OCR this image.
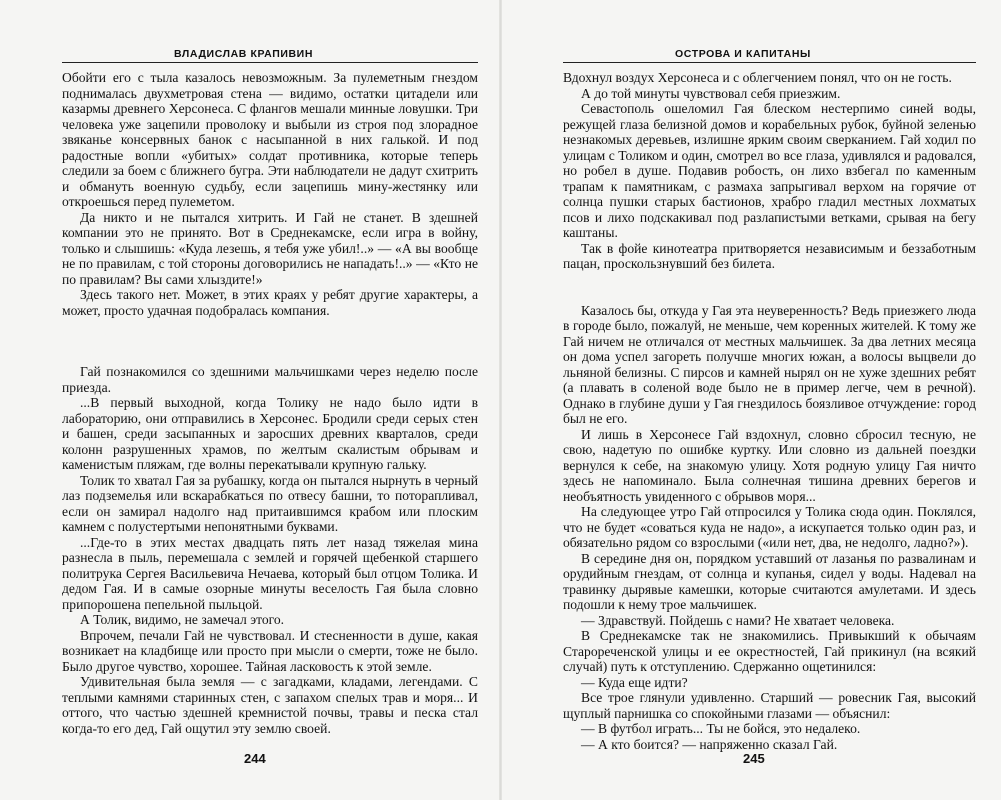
ВЛАДИСЛАВ КРАПИВИН

Обойти его с тыла казалось невозможным. За пулеметным гнездом поднималась двухметровая стена — видимо, остатки цитадели или казармы древнего Херсонеса. С флангов мешали минные ловушки. Три человека уже зацепили проволоку и выбыли из строя под злорадное звяканье консервных банок с насыпанной в них галькой. И под радостные вопли «убитых» солдат противника, которые теперь следили за боем с ближнего бугра. Эти наблюдатели не дадут схитрить и обмануть военную судьбу, если зацепишь мину-жестянку или откроешься перед пулеметом.

Да никто и не пытался хитрить. И Гай не станет. В здешней компании это не принято. Вот в Среднекамске, если игра в войну, только и слышишь: «Куда лезешь, я тебя уже убил!..» — «А вы вообще не по правилам, с той стороны договорились не нападать!..» — «Кто не по правилам? Вы сами хлыздите!»

Здесь такого нет. Может, в этих краях у ребят другие характеры, а может, просто удачная подобралась компания.

Гай познакомился со здешними мальчишками через неделю после приезда.

...В первый выходной, когда Толику не надо было идти в лабораторию, они отправились в Херсонес. Бродили среди серых стен и башен, среди засыпанных и заросших древних кварталов, среди колонн разрушенных храмов, по желтым скалистым обрывам и каменистым пляжам, где волны перекатывали крупную гальку.

Толик то хватал Гая за рубашку, когда он пытался нырнуть в черный лаз подземелья или вскарабкаться по отвесу башни, то поторапливал, если он замирал надолго над притаившимся крабом или плоским камнем с полустертыми непонятными буквами.

...Где-то в этих местах двадцать пять лет назад тяжелая мина разнесла в пыль, перемешала с землей и горячей щебенкой старшего политрука Сергея Васильевича Нечаева, который был отцом Толика. И дедом Гая. И в самые озорные минуты веселость Гая была словно припорошена пепельной пыльцой.

А Толик, видимо, не замечал этого.

Впрочем, печали Гай не чувствовал. И стесненности в душе, какая возникает на кладбище или просто при мысли о смерти, тоже не было. Было другое чувство, хорошее. Тайная ласковость к этой земле.

Удивительная была земля — с загадками, кладами, легендами. С теплыми камнями старинных стен, с запахом спелых трав и моря... И оттого, что частью здешней кремнистой почвы, травы и песка стал когда-то его дед, Гай ощутил эту землю своей.

244
ОСТРОВА И КАПИТАНЫ

Вдохнул воздух Херсонеса и с облегчением понял, что он не гость.

А до той минуты чувствовал себя приезжим.

Севастополь ошеломил Гая блеском нестерпимо синей воды, режущей глаза белизной домов и корабельных рубок, буйной зеленью незнакомых деревьев, излишне ярким своим сверканием. Гай ходил по улицам с Толиком и один, смотрел во все глаза, удивлялся и радовался, но робел в душе. Подавив робость, он лихо взбегал по каменным трапам к памятникам, с размаха запрыгивал верхом на горячие от солнца пушки старых бастионов, храбро гладил местных лохматых псов и лихо подскакивал под разлапистыми ветками, срывая на бегу каштаны.

Так в фойе кинотеатра притворяется независимым и беззаботным пацан, проскользнувший без билета.

Казалось бы, откуда у Гая эта неуверенность? Ведь приезжего люда в городе было, пожалуй, не меньше, чем коренных жителей. К тому же Гай ничем не отличался от местных мальчишек. За два летних месяца он дома успел загореть получше многих южан, а волосы выцвели до льняной белизны. С пирсов и камней нырял он не хуже здешних ребят (а плавать в соленой воде было не в пример легче, чем в речной). Однако в глубине души у Гая гнездилось боязливое отчуждение: город был не его.

И лишь в Херсонесе Гай вздохнул, словно сбросил тесную, не свою, надетую по ошибке куртку. Или словно из дальней поездки вернулся к себе, на знакомую улицу. Хотя родную улицу Гая ничто здесь не напоминало. Была солнечная тишина древних берегов и необъятность увиденного с обрывов моря...

На следующее утро Гай отпросился у Толика сюда один. Поклялся, что не будет «соваться куда не надо», а искупается только один раз, и обязательно рядом со взрослыми («или нет, два, не недолго, ладно?»).

В середине дня он, порядком уставший от лазанья по развалинам и орудийным гнездам, от солнца и купанья, сидел у воды. Надевал на травинку дырявые камешки, которые считаются амулетами. И здесь подошли к нему трое мальчишек.

— Здравствуй. Пойдешь с нами? Не хватает человека.

В Среднекамске так не знакомились. Привыкший к обычаям Старореченской улицы и ее окрестностей, Гай прикинул (на всякий случай) путь к отступлению. Сдержанно ощетинился:

— Куда еще идти?

Все трое глянули удивленно. Старший — ровесник Гая, высокий щуплый парнишка со спокойными глазами — объяснил:

— В футбол играть... Ты не бойся, это недалеко.

— А кто боится? — напряженно сказал Гай.

245
